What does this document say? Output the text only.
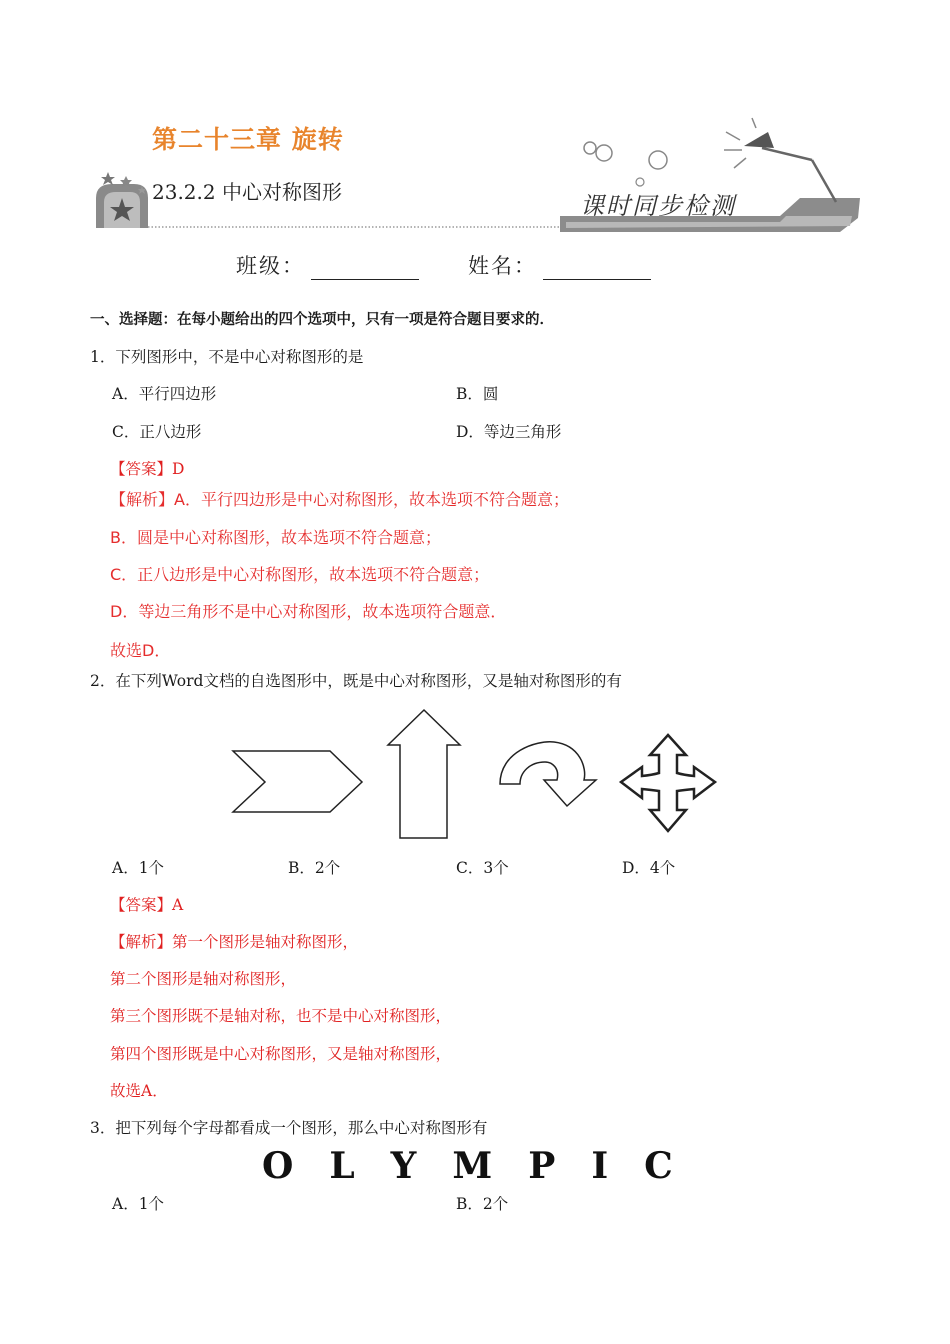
第二十三章 旋转
23.2.2 中心对称图形	课时同步检测
班级：	姓名：
一、选择题：在每小题给出的四个选项中，只有一项是符合题目要求的．
1．下列图形中，不是中心对称图形的是
A．平行四边形	B．圆
C．正八边形	D．等边三角形
【答案】D
【解析】A．平行四边形是中心对称图形，故本选项不符合题意；
B．圆是中心对称图形，故本选项不符合题意；
C．正八边形是中心对称图形，故本选项不符合题意；
D．等边三角形不是中心对称图形，故本选项符合题意．
故选D．
2．在下列Word文档的自选图形中，既是中心对称图形，又是轴对称图形的有
A．1个	B．2个	C．3个	D．4个
【答案】A
【解析】第一个图形是轴对称图形，
第二个图形是轴对称图形，
第三个图形既不是轴对称，也不是中心对称图形，
第四个图形既是中心对称图形，又是轴对称图形，
故选A．
3．把下列每个字母都看成一个图形，那么中心对称图形有
O L Y M P I C
A．1个	B．2个
